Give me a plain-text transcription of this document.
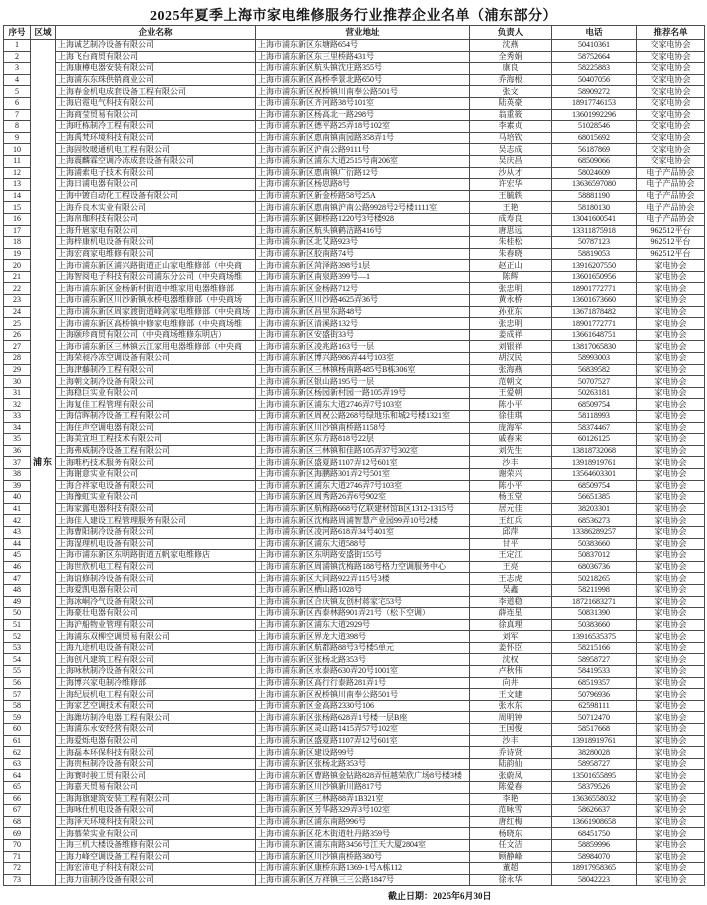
2025年夏季上海市家电维修服务行业推荐企业名单（浦东部分）
序号	区域	企业名称	营业地址	负责人	电话	推荐名单
1	浦东	上海诚艺制冷设备有限公司	上海市浦东新区东塘路654号	沈燕	50410361	交家电协会
2		上海飞台商贸有限公司	上海市浦东新区东三里桥路431号	全秀娟	58752664	交家电协会
3		上海康樽电器安装有限公司	上海市浦东新区航头镇沈庄路355号	康良	58225883	交家电协会
4		上海浦东东珠供销商业公司	上海市浦东新区高桥季景北路650号	乔海根	50407056	交家电协会
5		上海春金机电成套设备工程有限公司	上海市浦东新区祝桥镇川南奉公路501号	张文	58909272	交家电协会
6		上海启霓电气科技有限公司	上海市浦东新区齐河路38号101室	陆英豪	18917746153	交家电协会
7		上海商莹贸易有限公司	上海市浦东新区杨高北一路298号	翁重筱	13601992296	交家电协会
8		上海旺栋制冷工程有限公司	上海市浦东新区德平路25弄18号102室	李素贞	51028546	交家电协会
9		上海禹梵环境科技有限公司	上海市浦东新区惠南镇南园路358弄1号	马培钦	68015692	交家电协会
10		上海固牧暖通机电工程有限公司	上海市浦东新区沪南公路9111号	吴志成	56187869	交家电协会
11		上海震麟霖空调冷冻成套设备有限公司	上海市浦东新区浦东大道2515号南206室	吴庆昌	68509066	交家电协会
12		上海浦索电子技术有限公司	上海市浦东新区惠南镇广衍路12号	沙从才	58024609	电子产品协会
13		上海日浦电器有限公司	上海市浦东新区杨思路8号	许宏华	13636597080	电子产品协会
14		上海中镀自动化工程设备有限公司	上海市浦东新区新金桥路58号25A	王毓轶	58881190	电子产品协会
15		上海乔良木实业有限公司	上海市浦东新区惠南镇沪南公路9928号2号楼1111室	王艳	58180130	电子产品协会
16		上海帛珈科技有限公司	上海市浦东新区御桥路1220号3号楼928	成寿良	13041600541	电子产品协会
17		上海升扈家电有限公司	上海市浦东新区航头镇鹤洁路416号	唐思远	13311875918	962512平台
18		上海梓康机电设备有限公司	上海市浦东新区北艾路923号	朱桂松	50787123	962512平台
19		上海宏商家电维修有限公司	上海市浦东新区胶南路74号	朱春晓	58819053	962512平台
20		上海市浦东新区浦兴路街道正山家电维修部（中央商	上海市浦东新区菏泽路398号1层	赵正山	13916207550	家电协会
21		上海智阅电子科技有限公司浦东分公司（中央商场维	上海市浦东新区南泉路399号—1	陈辉	13601650956	家电协会
22		上海市浦东新区金杨新村街道中维家用电器维修部	上海市浦东新区金杨路712号	张忠明	18901772771	家电协会
23		上海市浦东新区川沙新镇永桥电器维修部（中央商场	上海市浦东新区川沙路4625弄36号	黄永桥	13601673660	家电协会
24		上海市浦东新区周家渡街道峰剑家电维修部（中央商场	上海市浦东新区昌里东路48号	孙亚东	13671878482	家电协会
25		上海市浦东新区高桥镇中修家电维修部（中央商场维	上海市浦东新区清溪路132号	张忠明	18901772771	家电协会
26		上海颐珍商贸有限公司（中央商场维修东明店）	上海市浦东新区安盛街33号	姜成祥	13661648751	家电协会
27		上海市浦东新区三林镇云江家用电器维修部（中央商	上海市浦东新区凌兆路163号一层	刘银祥	13817065830	家电协会
28		上海荣昶冷冻空调设备有限公司	上海市浦东新区博兴路986弄44号103室	胡汉民	58993003	家电协会
29		上海津藤制冷工程有限公司	上海市浦东新区三林镇杨南路485号B栋306室	张海燕	56839582	家电协会
30		上海朝文制冷设备有限公司	上海市浦东新区银山路195号一层	范朝文	50707527	家电协会
31		上海稳巨实业有限公司	上海市浦东新区杨园新村园一路105弄19号	王爱朝	50263181	家电协会
32		上海复佳工程管理有限公司	上海市浦东新区浦东大道2746弄7号103室	陈小平	68509754	家电协会
33		上海信晖制冷设备工程有限公司	上海市浦东新区周祝公路268号绿地乐和城2号楼1321室	徐佳琪	58118993	家电协会
34		上海住声空调电器有限公司	上海市浦东新区川沙镇南桥路1158号	庞海军	58374467	家电协会
35		上海美宜坦工程技术有限公司	上海市浦东新区东方路818号22层	戚春来	60126125	家电协会
36		上海弗威制冷设备工程有限公司	上海市浦东新区三林镇和佳路105弄37号302室	刘先生	13818732068	家电协会
37		上海唯朽技术服务有限公司	上海市浦东新区盛夏路1107弄12号601室	沙丰	13918919761	家电协会
38		上海谢意实业有限公司	上海市浦东新区海鹏路301弄2号501室	谢荣兴	13564603301	家电协会
39		上海合祥家电设备有限公司	上海市浦东新区浦东大道2746弄7号103室	陈小平	68509754	家电协会
40		上海豫虹实业有限公司	上海市浦东新区周秀路26弄6号902室	杨玉堂	56651385	家电协会
41		上海家露电器科技有限公司	上海市浦东新区航梅路668号亿联建材馆B区1312-1315号	居元佳	38203301	家电协会
42		上海佳人建设工程管理服务有限公司	上海市浦东新区沈梅路周浦智慧产业园99弄10号2楼	王红兵	68536273	家电协会
43		上海曹阳制冷设备有限公司	上海市浦东新区凌河路618弄34号401室	邱萍	13386289257	家电协会
44		上海湿理机电设备有限公司	上海市浦东新区浦东大道588号	甘平	50383660	家电协会
45		上海市浦东新区东明路街道五帆家电维修店	上海市浦东新区东明路安盛街155号	王定江	50837012	家电协会
46		上海世欣机电工程有限公司	上海市浦东新区周浦镇沈梅路188号格力空调服务中心	王亮	68036736	家电协会
47		上海谊修制冷设备有限公司	上海市浦东新区大同路922弄115号3楼	王志虎	50218265	家电协会
48		上海爱凯电器有限公司	上海市浦东新区栖山路1028号	吴鑫	58211998	家电协会
49		上海冰峒冷气设备有限公司	上海市浦东新区合庆镇友创村蒋家宅53号	李道稳	18721683271	家电协会
50		上海豪壮电器有限公司	上海市浦东新区西泰林路901弄21号（松下空调）	薛连星	50831390	家电协会
51		上海沪船物业管理有限公司	上海市浦东新区浦东大道2929号	徐真理	50383660	家电协会
52		上海浦东双柳空调贸易有限公司	上海市浦东新区界龙大道398号	刘军	13916535375	家电协会
53		上海九途机电设备有限公司	上海市浦东新区航都路88号3号楼5单元	姜怀臣	58215166	家电协会
54		上海创凡建筑工程有限公司	上海市浦东新区张杨北路353号	沈权	58958727	家电协会
55		上海咏秋制冷设备有限公司	上海市浦东新区永泰路630弄20号1001室	卢秋伟	58419533	家电协会
56		上海博兴家电制冷维修部	上海市浦东新区高行行泰路281弄1号	向井	68519357	家电协会
57		上海纪辰机电工程有限公司	上海市浦东新区祝桥镇川南奉公路501号	王文建	50796936	家电协会
58		上海家艺空调技术有限公司	上海市浦东新区金高路2330号106	张水东	62598111	家电协会
59		上海潍坊制冷电器工程有限公司	上海市浦东新区张杨路628弄1号楼一层B座	周明钟	50712470	家电协会
60		上海浦东永安经营有限公司	上海市浦东新区灵山路1415弄57号102室	王国俊	58517668	家电协会
61		上海爱烁电器有限公司	上海市浦东新区盛夏路1107弄12号601室	沙丰	13918919761	家电协会
62		上海磊本环保科技有限公司	上海市浦东新区建设路99号	乔诗贤	38280028	家电协会
63		上海贵桓制冷设备有限公司	上海市浦东新区张杨北路353号	陆韵仙	58958727	家电协会
64		上海赛时骏工贸有限公司	上海市浦东新区曹路镇金钻路828弄恒越荣欣广场8号楼3楼	张蔚凤	13501655895	家电协会
65		上海嘉天贸易有限公司	上海市浦东新区川沙镇新川路817号	陈爱春	58379526	家电协会
66		上海海旗建筑安装工程有限公司	上海市浦东新区三林路88弄1B321室	李艳	13636558032	家电协会
67		上海咏仕机电设备有限公司	上海市浦东新区芳华路329弄3号102室	范咏雪	58626637	家电协会
68		上海泽天环境科技有限公司	上海市浦东新区浦东南路996号	唐红梅	13661908658	家电协会
69		上海慕荣实业有限公司	上海市浦东新区花木街道牡丹路359号	杨晓东	68451750	家电协会
70		上海三机大楼设备维修有限公司	上海市浦东新区浦东南路3456号江天大厦2804室	任文洁	58859996	家电协会
71		上海力峰空调设备工程有限公司	上海市浦东新区川沙镇南桥路380号	顾静峰	58984070	家电协会
72		上海宏沛电子科技有限公司	上海市浦东新区康桥东路1369-1号A栋112	董超	18917958365	家电协会
73		上海力宙制冷设备有限公司	上海市浦东新区万祥镇三三公路1847号	徐永华	58042223	家电协会
截止日期：2025年6月30日
